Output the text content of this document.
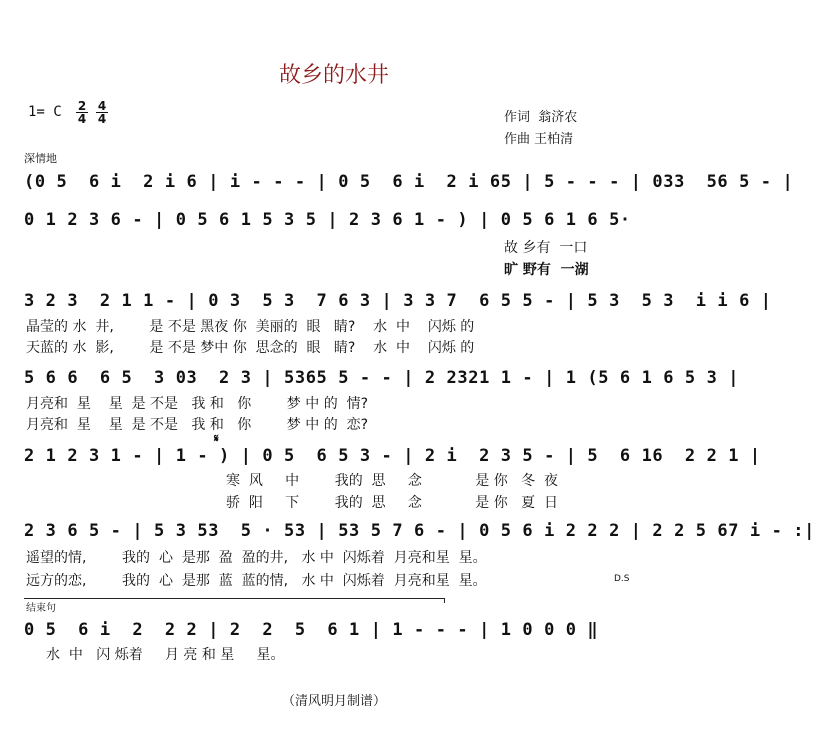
故乡的水井
1= C $\frac{2}{4} \frac{4}{4}$	作词  翁济农
作曲 王柏清
深情地
(0 5  6 i  2 i 6 | i - - - | 0 5  6 i  2 i 65 | 5 - - - | 033  56 5 - |
0 1 2 3 6 - | 0 5 6 1 5 3 5 | 2 3 6 1 - ) | 0 5 6 1 6 5·
故 乡有  一口
旷 野有  一湖
3 2 3  2 1 1 - | 0 3  5 3  7 6 3 | 3 3 7  6 5 5 - | 5 3  5 3  i i 6 |
晶莹的 水  井,        是 不是 黑夜 你  美丽的  眼   睛?    水  中    闪烁 的
天蓝的 水  影,        是 不是 梦中 你  思念的  眼   睛?    水  中    闪烁 的
5 6 6  6 5  3 03  2 3 | 5365 5 - - | 2 2321 1 - | 1 (5 6 1 6 5 3 |
月亮和  星    星  是 不是   我 和   你        梦 中 的  情?
月亮和  星    星  是 不是   我 和   你        梦 中 的  恋?
𝄋
2 1 2 3 1 - | 1 - ) | 0 5  6 5 3 - | 2 i  2 3 5 - | 5  6 16  2 2 1 |
寒  风     中        我的  思     念            是 你   冬  夜
骄  阳     下        我的  思     念            是 你   夏  日
2 3 6 5 - | 5 3 53  5 · 53 | 53 5 7 6 - | 0 5 6 i 2 2 2 | 2 2 5 67 i - :|
遥望的情,        我的  心  是那  盈  盈的井,   水 中  闪烁着  月亮和星  星。
远方的恋,        我的  心  是那  蓝  蓝的情,   水 中  闪烁着  月亮和星  星。	D.S
结束句
0 5  6 i  2  2 2 | 2  2  5  6 1 | 1 - - - | 1 0 0 0 ‖
水  中   闪 烁着     月 亮 和 星     星。
（清风明月制谱）
